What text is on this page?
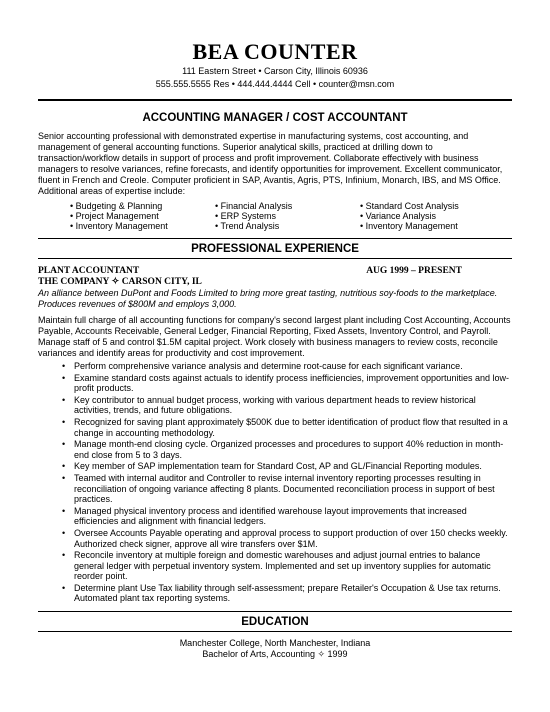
BEA COUNTER
111 Eastern Street • Carson City, Illinois 60936
555.555.5555 Res • 444.444.4444 Cell • counter@msn.com
ACCOUNTING MANAGER / COST ACCOUNTANT
Senior accounting professional with demonstrated expertise in manufacturing systems, cost accounting, and management of general accounting functions. Superior analytical skills, practiced at drilling down to transaction/workflow details in support of process and profit improvement. Collaborate effectively with business managers to resolve variances, refine forecasts, and identify opportunities for improvement. Excellent communicator, fluent in French and Creole. Computer proficient in SAP, Avantis, Agris, PTS, Infinium, Monarch, IBS, and MS Office. Additional areas of expertise include:
• Budgeting & Planning
• Project Management
• Inventory Management
• Financial Analysis
• ERP Systems
• Trend Analysis
• Standard Cost Analysis
• Variance Analysis
• Inventory Management
PROFESSIONAL EXPERIENCE
PLANT ACCOUNTANT	AUG 1999 – PRESENT
THE COMPANY ✧ CARSON CITY, IL
An alliance between DuPont and Foods Limited to bring more great tasting, nutritious soy-foods to the marketplace. Produces revenues of $800M and employs 3,000.
Maintain full charge of all accounting functions for company's second largest plant including Cost Accounting, Accounts Payable, Accounts Receivable, General Ledger, Financial Reporting, Fixed Assets, Inventory Control, and Payroll. Manage staff of 5 and control $1.5M capital project. Work closely with business managers to review costs, reconcile variances and identify areas for productivity and cost improvement.
• Perform comprehensive variance analysis and determine root-cause for each significant variance.
• Examine standard costs against actuals to identify process inefficiencies, improvement opportunities and low-profit products.
• Key contributor to annual budget process, working with various department heads to review historical activities, trends, and future obligations.
• Recognized for saving plant approximately $500K due to better identification of product flow that resulted in a change in accounting methodology.
• Manage month-end closing cycle. Organized processes and procedures to support 40% reduction in month-end close from 5 to 3 days.
• Key member of SAP implementation team for Standard Cost, AP and GL/Financial Reporting modules.
• Teamed with internal auditor and Controller to revise internal inventory reporting processes resulting in reconciliation of ongoing variance affecting 8 plants. Documented reconciliation process in support of best practices.
• Managed physical inventory process and identified warehouse layout improvements that increased efficiencies and alignment with financial ledgers.
• Oversee Accounts Payable operating and approval process to support production of over 150 checks weekly. Authorized check signer, approve all wire transfers over $1M.
• Reconcile inventory at multiple foreign and domestic warehouses and adjust journal entries to balance general ledger with perpetual inventory system. Implemented and set up inventory supplies for automatic reorder point.
• Determine plant Use Tax liability through self-assessment; prepare Retailer's Occupation & Use tax returns. Automated plant tax reporting systems.
EDUCATION
Manchester College, North Manchester, Indiana
Bachelor of Arts, Accounting ✧ 1999
